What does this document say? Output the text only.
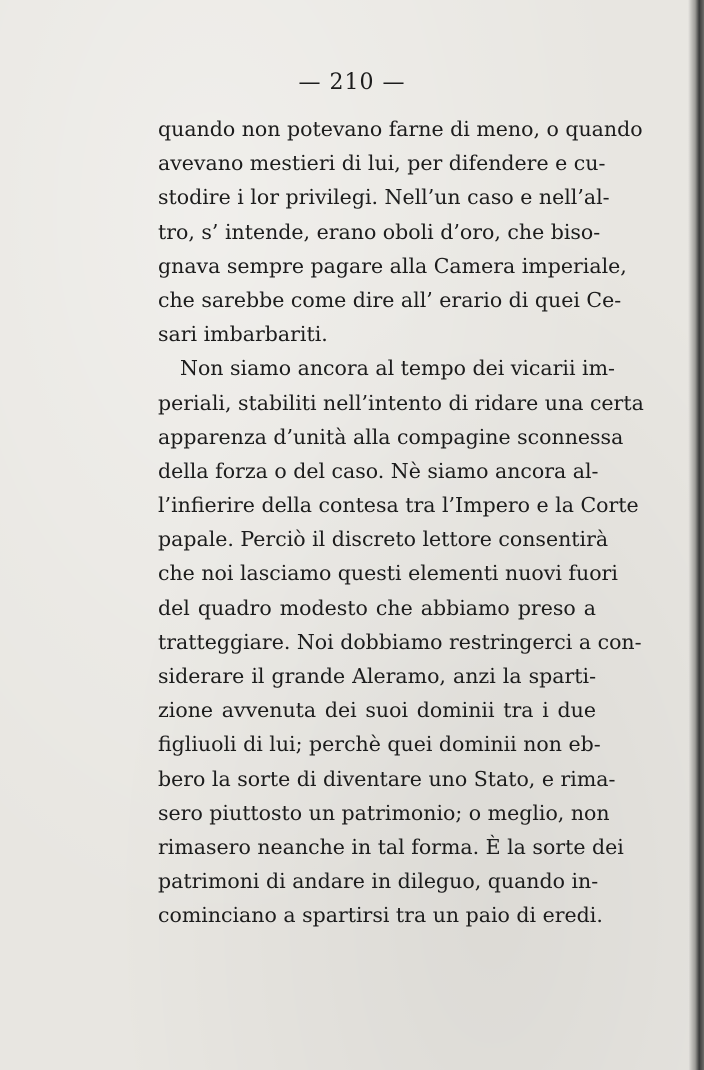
— 210 —
quando non potevano farne di meno, o quando
avevano mestieri di lui, per difendere e cu-
stodire i lor privilegi. Nell’un caso e nell’al-
tro, s’ intende, erano oboli d’oro, che biso-
gnava sempre pagare alla Camera imperiale,
che sarebbe come dire all’ erario di quei Ce-
sari imbarbariti.
Non siamo ancora al tempo dei vicarii im-
periali, stabiliti nell’intento di ridare una certa
apparenza d’unità alla compagine sconnessa
della forza o del caso. Nè siamo ancora al-
l’infierire della contesa tra l’Impero e la Corte
papale. Perciò il discreto lettore consentirà
che noi lasciamo questi elementi nuovi fuori
del quadro modesto che abbiamo preso a
tratteggiare. Noi dobbiamo restringerci a con-
siderare il grande Aleramo, anzi la sparti-
zione avvenuta dei suoi dominii tra i due
figliuoli di lui; perchè quei dominii non eb-
bero la sorte di diventare uno Stato, e rima-
sero piuttosto un patrimonio; o meglio, non
rimasero neanche in tal forma. È la sorte dei
patrimoni di andare in dileguo, quando in-
cominciano a spartirsi tra un paio di eredi.
